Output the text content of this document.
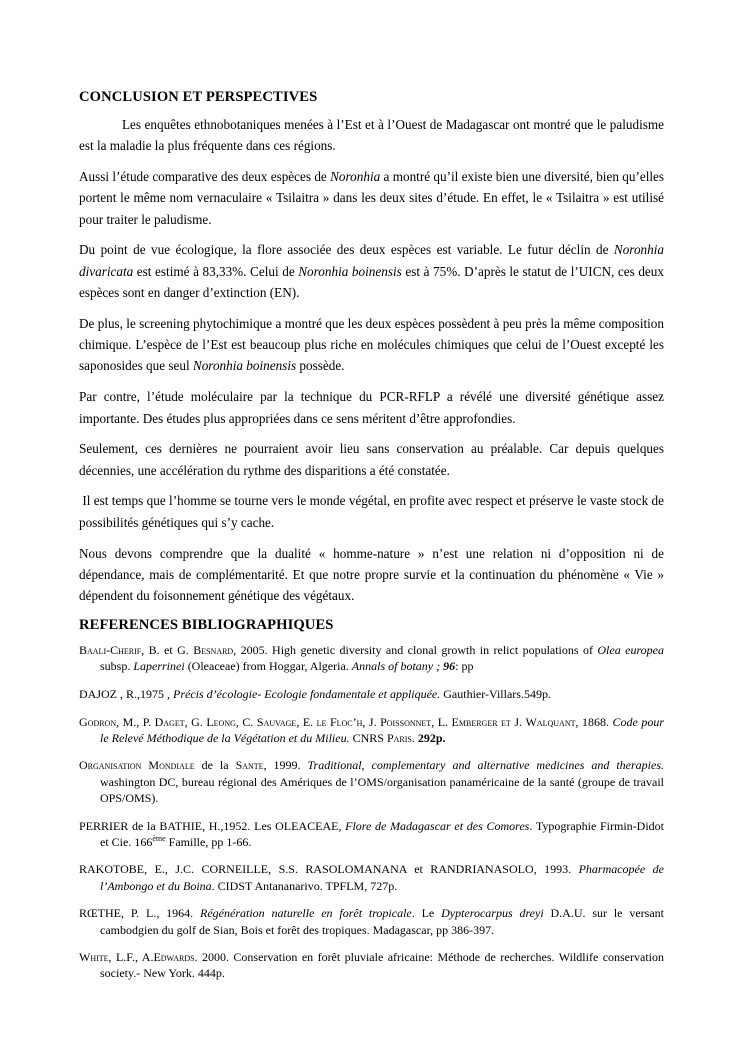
CONCLUSION ET PERSPECTIVES

Les enquêtes ethnobotaniques menées à l’Est et à l’Ouest de Madagascar ont montré que le paludisme est la maladie la plus fréquente dans ces régions.

Aussi l’étude comparative des deux espèces de Noronhia a montré qu’il existe bien une diversité, bien qu’elles portent le même nom vernaculaire « Tsilaitra » dans les deux sites d’étude. En effet, le « Tsilaitra » est utilisé pour traiter le paludisme.

Du point de vue écologique, la flore associée des deux espèces est variable. Le futur déclin de Noronhia divaricata est estimé à 83,33%. Celui de Noronhia boinensis est à 75%. D’après le statut de l’UICN, ces deux espèces sont en danger d’extinction (EN).

De plus, le screening phytochimique a montré que les deux espèces possèdent à peu près la même composition chimique. L’espèce de l’Est est beaucoup plus riche en molécules chimiques que celui de l’Ouest excepté les saponosides que seul Noronhia boinensis possède.

Par contre, l’étude moléculaire par la technique du PCR-RFLP a révélé une diversité génétique assez importante. Des études plus appropriées dans ce sens méritent d’être approfondies.

Seulement, ces dernières ne pourraient avoir lieu sans conservation au préalable. Car depuis quelques décennies, une accélération du rythme des disparitions a été constatée.

Il est temps que l’homme se tourne vers le monde végétal, en profite avec respect et préserve le vaste stock de possibilités génétiques qui s’y cache.

Nous devons comprendre que la dualité « homme-nature » n’est une relation ni d’opposition ni de dépendance, mais de complémentarité. Et que notre propre survie et la continuation du phénomène « Vie » dépendent du foisonnement génétique des végétaux.

REFERENCES BIBLIOGRAPHIQUES

Baali-Cherif, B. et G. Besnard, 2005. High genetic diversity and clonal growth in relict populations of Olea europea subsp. Laperrinei (Oleaceae) from Hoggar, Algeria. Annals of botany ; 96: pp

DAJOZ , R.,1975 , Précis d’écologie- Ecologie fondamentale et appliquée. Gauthier-Villars.549p.

Godron, M., P. Daget, G. Leong, C. Sauvage, E. le Floc’h, J. Poissonnet, L. Emberger et J. Walquant, 1868. Code pour le Relevé Méthodique de la Végétation et du Milieu. CNRS Paris. 292p.

Organisation Mondiale de la Sante, 1999. Traditional, complementary and alternative medicines and therapies. washington DC, bureau régional des Amériques de l’OMS/organisation panaméricaine de la santé (groupe de travail OPS/OMS).

PERRIER de la BATHIE, H.,1952. Les OLEACEAE, Flore de Madagascar et des Comores. Typographie Firmin-Didot et Cie. 166ème Famille, pp 1-66.

RAKOTOBE, E., J.C. CORNEILLE, S.S. RASOLOMANANA et RANDRIANASOLO, 1993. Pharmacopée de l’Ambongo et du Boina. CIDST Antananarivo. TPFLM, 727p.

RŒTHE, P. L., 1964. Régénération naturelle en forêt tropicale. Le Dypterocarpus dreyi D.A.U. sur le versant cambodgien du golf de Sian, Bois et forêt des tropiques. Madagascar, pp 386-397.

White, L.F., A.Edwards. 2000. Conservation en forêt pluviale africaine: Méthode de recherches. Wildlife conservation society.- New York. 444p.
